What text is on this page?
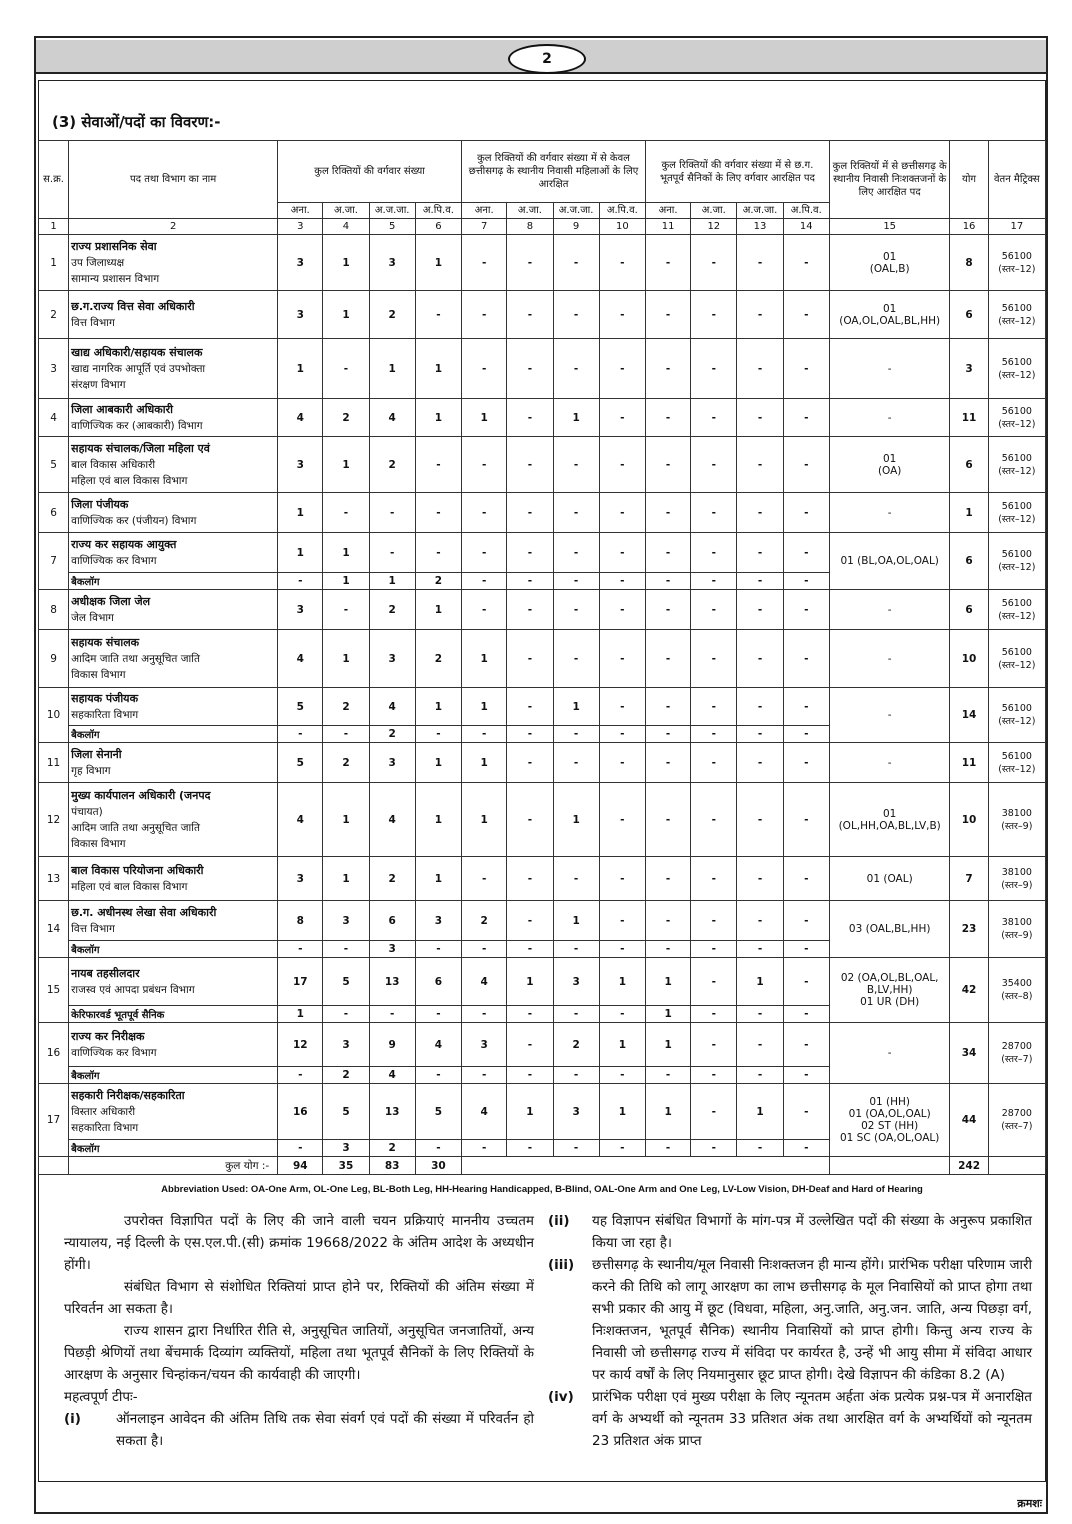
2
(3) सेवाओं/पदों का विवरण:-
स.क्र.	पद तथा विभाग का नाम	कुल रिक्तियों की वर्गवार संख्या				कुल रिक्तियों की वर्गवार संख्या में से केवल छत्तीसगढ़ के स्थानीय निवासी महिलाओं के लिए आरक्षित				कुल रिक्तियों की वर्गवार संख्या में से छ.ग. भूतपूर्व सैनिकों के लिए वर्गवार आरक्षित पद				कुल रिक्तियों में से छत्तीसगढ़ के स्थानीय निवासी निःशक्तजनों के लिए आरक्षित पद	योग	वेतन मैट्रिक्स
		अना.	अ.जा.	अ.ज.जा.	अ.पि.व.	अना.	अ.जा.	अ.ज.जा.	अ.पि.व.	अना.	अ.जा.	अ.ज.जा.	अ.पि.व.			
1	2	3	4	5	6	7	8	9	10	11	12	13	14	15	16	17
1	राज्य प्रशासनिक सेवा
उप जिलाध्यक्ष
सामान्य प्रशासन विभाग	3	1	3	1	-	-	-	-	-	-	-	-	01
(OAL,B)	8	56100
(स्तर–12)
2	छ.ग.राज्य वित्त सेवा अधिकारी
वित्त विभाग	3	1	2	-	-	-	-	-	-	-	-	-	01
(OA,OL,OAL,BL,HH)	6	56100
(स्तर–12)
3	खाद्य अधिकारी/सहायक संचालक
खाद्य नागरिक आपूर्ति एवं उपभोक्ता
संरक्षण विभाग	1	-	1	1	-	-	-	-	-	-	-	-	-	3	56100
(स्तर–12)
4	जिला आबकारी अधिकारी
वाणिज्यिक कर (आबकारी) विभाग	4	2	4	1	1	-	1	-	-	-	-	-	-	11	56100
(स्तर–12)
5	सहायक संचालक/जिला महिला एवं
बाल विकास अधिकारी
महिला एवं बाल विकास विभाग	3	1	2	-	-	-	-	-	-	-	-	-	01
(OA)	6	56100
(स्तर–12)
6	जिला पंजीयक
वाणिज्यिक कर (पंजीयन) विभाग	1	-	-	-	-	-	-	-	-	-	-	-	-	1	56100
(स्तर–12)
7	राज्य कर सहायक आयुक्त
वाणिज्यिक कर विभाग	1	1	-	-	-	-	-	-	-	-	-	-	01 (BL,OA,OL,OAL)	6	56100
(स्तर–12)
	बैकलॉग	-	1	1	2	-	-	-	-	-	-	-	-			
8	अधीक्षक जिला जेल
जेल विभाग	3	-	2	1	-	-	-	-	-	-	-	-	-	6	56100
(स्तर–12)
9	सहायक संचालक
आदिम जाति तथा अनुसूचित जाति
विकास विभाग	4	1	3	2	1	-	-	-	-	-	-	-	-	10	56100
(स्तर–12)
10	सहायक पंजीयक
सहकारिता विभाग	5	2	4	1	1	-	1	-	-	-	-	-	-	14	56100
(स्तर–12)
	बैकलॉग	-	-	2	-	-	-	-	-	-	-	-	-			
11	जिला सेनानी
गृह विभाग	5	2	3	1	1	-	-	-	-	-	-	-	-	11	56100
(स्तर–12)
12	मुख्य कार्यपालन अधिकारी (जनपद
पंचायत)
आदिम जाति तथा अनुसूचित जाति
विकास विभाग	4	1	4	1	1	-	1	-	-	-	-	-	01
(OL,HH,OA,BL,LV,B)	10	38100
(स्तर–9)
13	बाल विकास परियोजना अधिकारी
महिला एवं बाल विकास विभाग	3	1	2	1	-	-	-	-	-	-	-	-	01 (OAL)	7	38100
(स्तर–9)
14	छ.ग. अधीनस्थ लेखा सेवा अधिकारी
वित्त विभाग	8	3	6	3	2	-	1	-	-	-	-	-	03 (OAL,BL,HH)	23	38100
(स्तर–9)
	बैकलॉग	-	-	3	-	-	-	-	-	-	-	-	-			
15	नायब तहसीलदार
राजस्व एवं आपदा प्रबंधन विभाग	17	5	13	6	4	1	3	1	1	-	1	-	02 (OA,OL,BL,OAL,
B,LV,HH)
01 UR (DH)	42	35400
(स्तर–8)
	केरिफारवर्ड भूतपूर्व सैनिक	1	-	-	-	-	-	-	-	1	-	-	-			
16	राज्य कर निरीक्षक
वाणिज्यिक कर विभाग	12	3	9	4	3	-	2	1	1	-	-	-	-	34	28700
(स्तर–7)
	बैकलॉग	-	2	4	-	-	-	-	-	-	-	-	-			
17	सहकारी निरीक्षक/सहकारिता
विस्तार अधिकारी
सहकारिता विभाग	16	5	13	5	4	1	3	1	1	-	1	-	01 (HH)
01 (OA,OL,OAL)
02 ST (HH)
01 SC (OA,OL,OAL)	44	28700
(स्तर–7)
	बैकलॉग	-	3	2	-	-	-	-	-	-	-	-	-			
	कुल योग :-	94	35	83	30										242	
Abbreviation Used: OA-One Arm, OL-One Leg, BL-Both Leg, HH-Hearing Handicapped, B-Blind, OAL-One Arm and One Leg, LV-Low Vision, DH-Deaf and Hard of Hearing

उपरोक्त विज्ञापित पदों के लिए की जाने वाली चयन प्रक्रियाएं माननीय उच्चतम न्यायालय, नई दिल्ली के एस.एल.पी.(सी) क्रमांक 19668/2022 के अंतिम आदेश के अध्यधीन होंगी।

संबंधित विभाग से संशोधित रिक्तियां प्राप्त होने पर, रिक्तियों की अंतिम संख्या में परिवर्तन आ सकता है।

राज्य शासन द्वारा निर्धारित रीति से, अनुसूचित जातियों, अनुसूचित जनजातियों, अन्य पिछड़ी श्रेणियों तथा बेंचमार्क दिव्यांग व्यक्तियों, महिला तथा भूतपूर्व सैनिकों के लिए रिक्तियों के आरक्षण के अनुसार चिन्हांकन/चयन की कार्यवाही की जाएगी।

महत्वपूर्ण टीपः-

(i)	ऑनलाइन आवेदन की अंतिम तिथि तक सेवा संवर्ग एवं पदों की संख्या में परिवर्तन हो सकता है।

(ii) यह विज्ञापन संबंधित विभागों के मांग-पत्र में उल्लेखित पदों की संख्या के अनुरूप प्रकाशित किया जा रहा है।

(iii) छत्तीसगढ़ के स्थानीय/मूल निवासी निःशक्तजन ही मान्य होंगे। प्रारंभिक परीक्षा परिणाम जारी करने की तिथि को लागू आरक्षण का लाभ छत्तीसगढ़ के मूल निवासियों को प्राप्त होगा तथा सभी प्रकार की आयु में छूट (विधवा, महिला, अनु.जाति, अनु.जन. जाति, अन्य पिछड़ा वर्ग, निःशक्तजन, भूतपूर्व सैनिक) स्थानीय निवासियों को प्राप्त होगी। किन्तु अन्य राज्य के निवासी जो छत्तीसगढ़ राज्य में संविदा पर कार्यरत है, उन्हें भी आयु सीमा में संविदा आधार पर कार्य वर्षों के लिए नियमानुसार छूट प्राप्त होगी। देखे विज्ञापन की कंडिका 8.2 (A)

(iv) प्रारंभिक परीक्षा एवं मुख्य परीक्षा के लिए न्यूनतम अर्हता अंक प्रत्येक प्रश्न-पत्र में अनारक्षित वर्ग के अभ्यर्थी को न्यूनतम 33 प्रतिशत अंक तथा आरक्षित वर्ग के अभ्यर्थियों को न्यूनतम 23 प्रतिशत अंक प्राप्त

क्रमशः
